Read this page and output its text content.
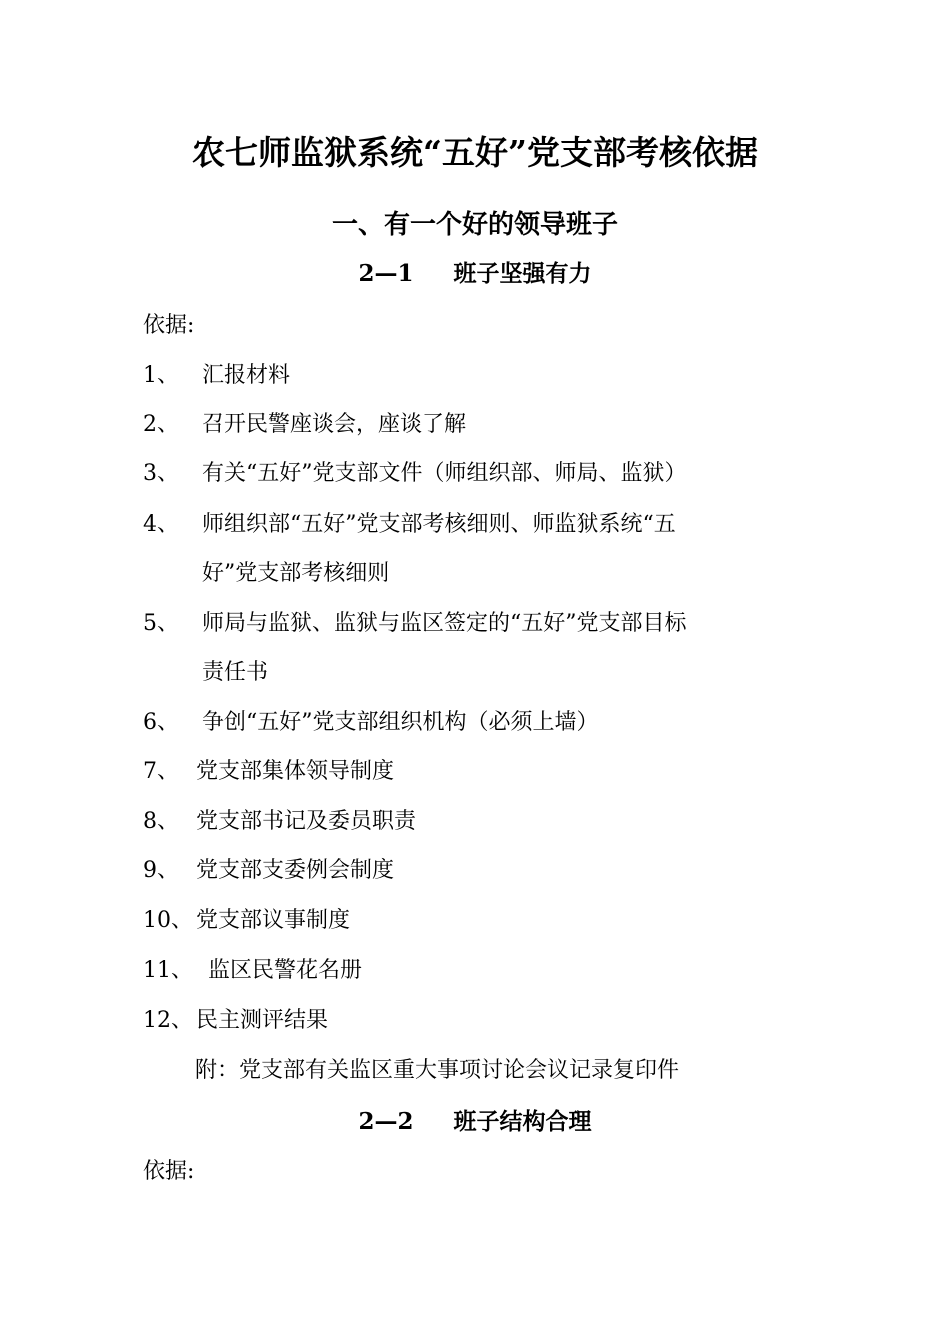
农七师监狱系统“五好”党支部考核依据
一、有一个好的领导班子
2—1 班子坚强有力
依据:
1、 汇报材料
2、 召开民警座谈会，座谈了解
3、 有关“五好”党支部文件（师组织部、师局、监狱）
4、 师组织部“五好”党支部考核细则、师监狱系统“五
好”党支部考核细则
5、 师局与监狱、监狱与监区签定的“五好”党支部目标
责任书
6、 争创“五好”党支部组织机构（必须上墙）
7、 党支部集体领导制度
8、 党支部书记及委员职责
9、 党支部支委例会制度
10、 党支部议事制度
11、 监区民警花名册
12、 民主测评结果
附：党支部有关监区重大事项讨论会议记录复印件
2—2 班子结构合理
依据:
